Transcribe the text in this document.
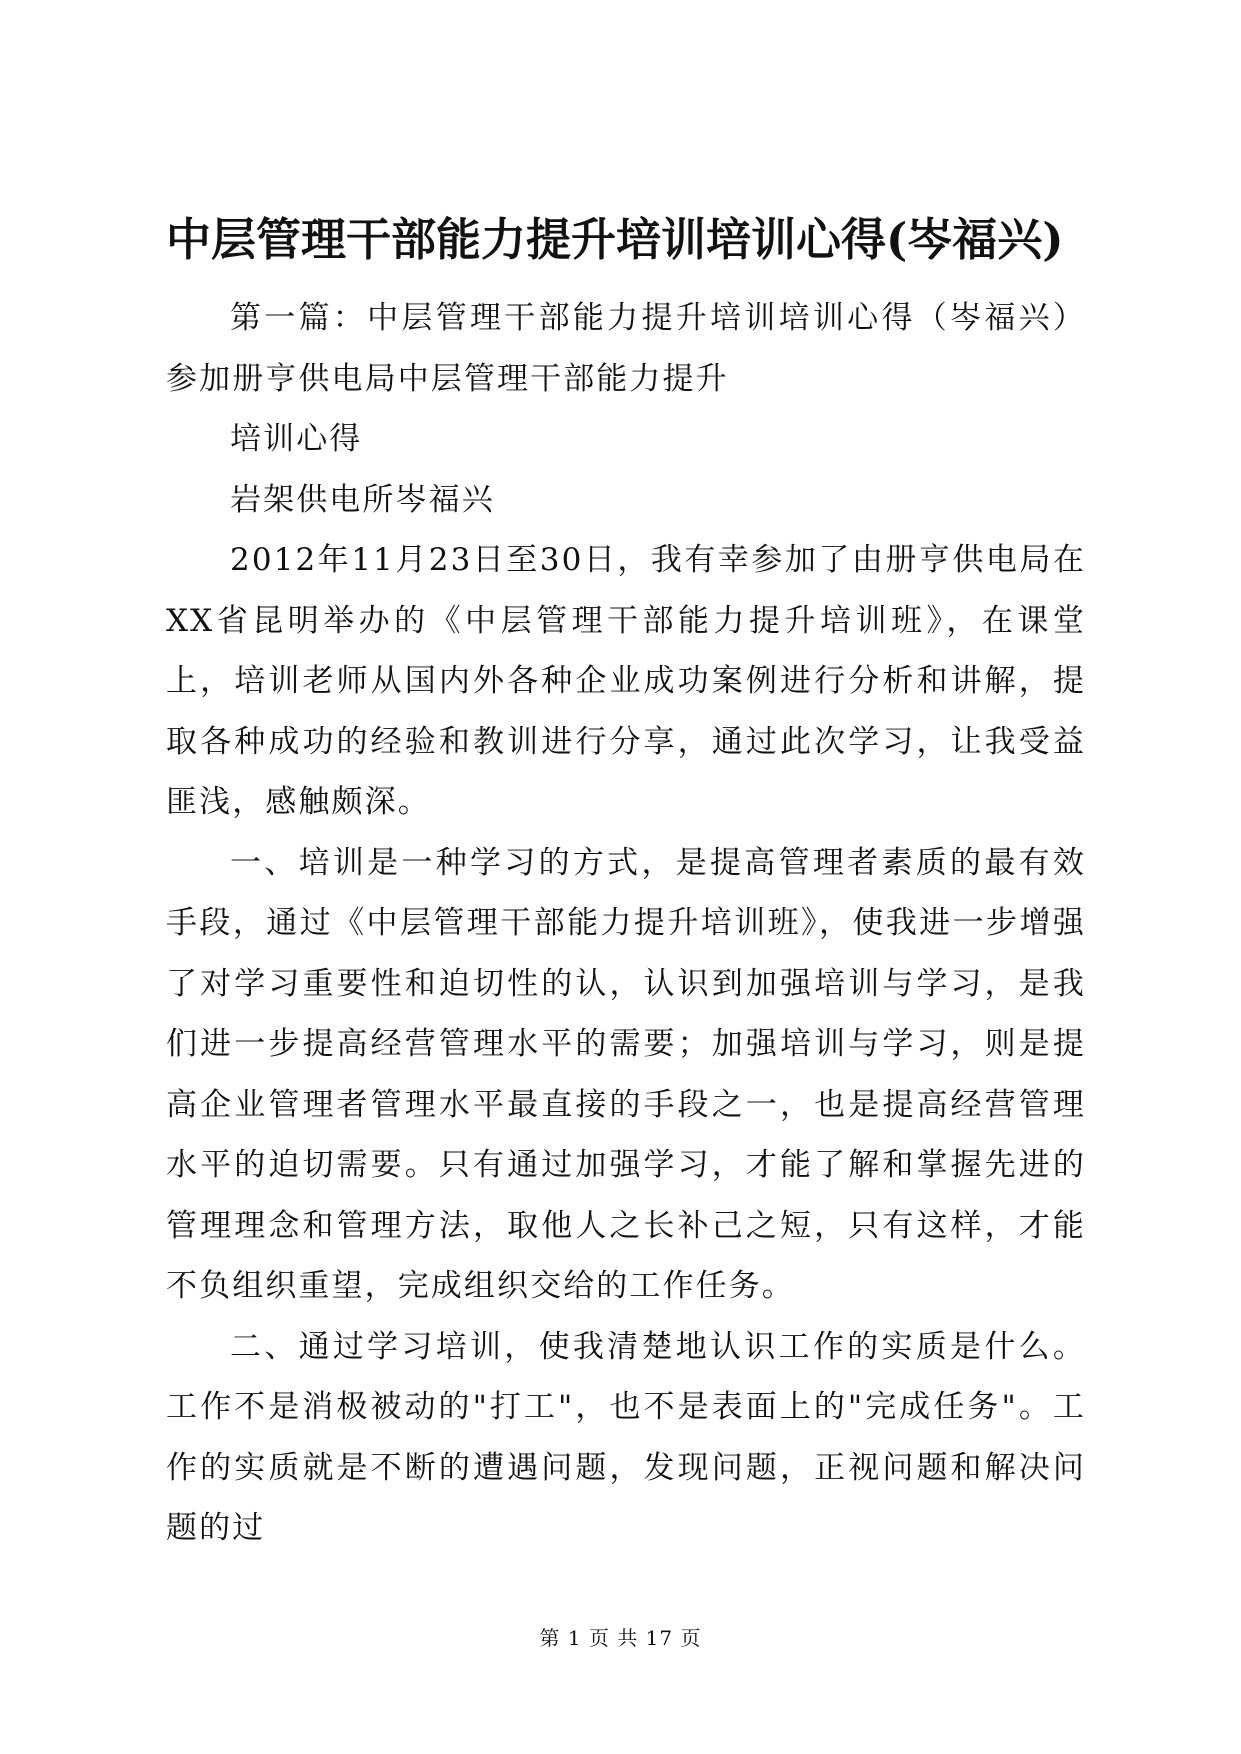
中层管理干部能力提升培训培训心得(岑福兴)

第一篇：中层管理干部能力提升培训培训心得（岑福兴）参加册亨供电局中层管理干部能力提升

培训心得

岩架供电所岑福兴

2012年11月23日至30日，我有幸参加了由册亨供电局在XX省昆明举办的《中层管理干部能力提升培训班》，在课堂上，培训老师从国内外各种企业成功案例进行分析和讲解，提取各种成功的经验和教训进行分享，通过此次学习，让我受益匪浅，感触颇深。

一、培训是一种学习的方式，是提高管理者素质的最有效手段，通过《中层管理干部能力提升培训班》，使我进一步增强了对学习重要性和迫切性的认，认识到加强培训与学习，是我们进一步提高经营管理水平的需要；加强培训与学习，则是提高企业管理者管理水平最直接的手段之一，也是提高经营管理水平的迫切需要。只有通过加强学习，才能了解和掌握先进的管理理念和管理方法，取他人之长补己之短，只有这样，才能不负组织重望，完成组织交给的工作任务。

二、通过学习培训，使我清楚地认识工作的实质是什么。工作不是消极被动的"打工"，也不是表面上的"完成任务"。工作的实质就是不断的遭遇问题，发现问题，正视问题和解决问题的过

第 1 页 共 17 页
